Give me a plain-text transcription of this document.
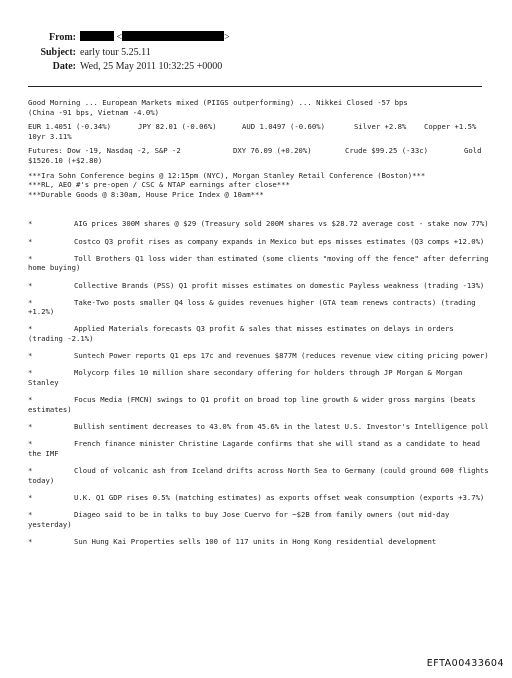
From:	<	>
Subject: early tour 5.25.11
Date: Wed, 25 May 2011 10:32:25 +0000
Good Morning ... European Markets mixed (PIIGS outperforming) ... Nikkei Closed -57 bps
(China -91 bps, Vietnam -4.0%)
EUR 1.4051 (-0.34%)	JPY 82.01 (-0.06%)	AUD 1.0497 (-0.60%)	Silver +2.8% Copper +1.5%
10yr 3.11%
Futures: Dow -19, Nasdaq -2, S&P -2	DXY 76.09 (+0.20%)	Crude $99.25 (-33c)	Gold
$1526.10 (+$2.80)
***Ira Sohn Conference begins @ 12:15pm (NYC), Morgan Stanley Retail Conference (Boston)***
***RL, AEO #'s pre-open / CSC & NTAP earnings after close***
***Durable Goods @ 8:30am, House Price Index @ 10am***
*	AIG prices 300M shares @ $29 (Treasury sold 200M shares vs $28.72 average cost - stake now 77%)
*	Costco Q3 profit rises as company expands in Mexico but eps misses estimates (Q3 comps +12.0%)
*	Toll Brothers Q1 loss wider than estimated (some clients "moving off the fence" after deferring home buying)
*	Collective Brands (PSS) Q1 profit misses estimates on domestic Payless weakness (trading -13%)
*	Take-Two posts smaller Q4 loss & guides revenues higher (GTA team renews contracts) (trading +1.2%)
*	Applied Materials forecasts Q3 profit & sales that misses estimates on delays in orders (trading -2.1%)
*	Suntech Power reports Q1 eps 17c and revenues $877M (reduces revenue view citing pricing power)
*	Molycorp files 10 million share secondary offering for holders through JP Morgan & Morgan Stanley
*	Focus Media (FMCN) swings to Q1 profit on broad top line growth & wider gross margins (beats estimates)
*	Bullish sentiment decreases to 43.0% from 45.6% in the latest U.S. Investor's Intelligence poll
*	French finance minister Christine Lagarde confirms that she will stand as a candidate to head the IMF
*	Cloud of volcanic ash from Iceland drifts across North Sea to Germany (could ground 600 flights today)
*	U.K. Q1 GDP rises 0.5% (matching estimates) as exports offset weak consumption (exports +3.7%)
*	Diageo said to be in talks to buy Jose Cuervo for ~$2B from family owners (out mid-day yesterday)
*	Sun Hung Kai Properties sells 100 of 117 units in Hong Kong residential development
EFTA00433604
